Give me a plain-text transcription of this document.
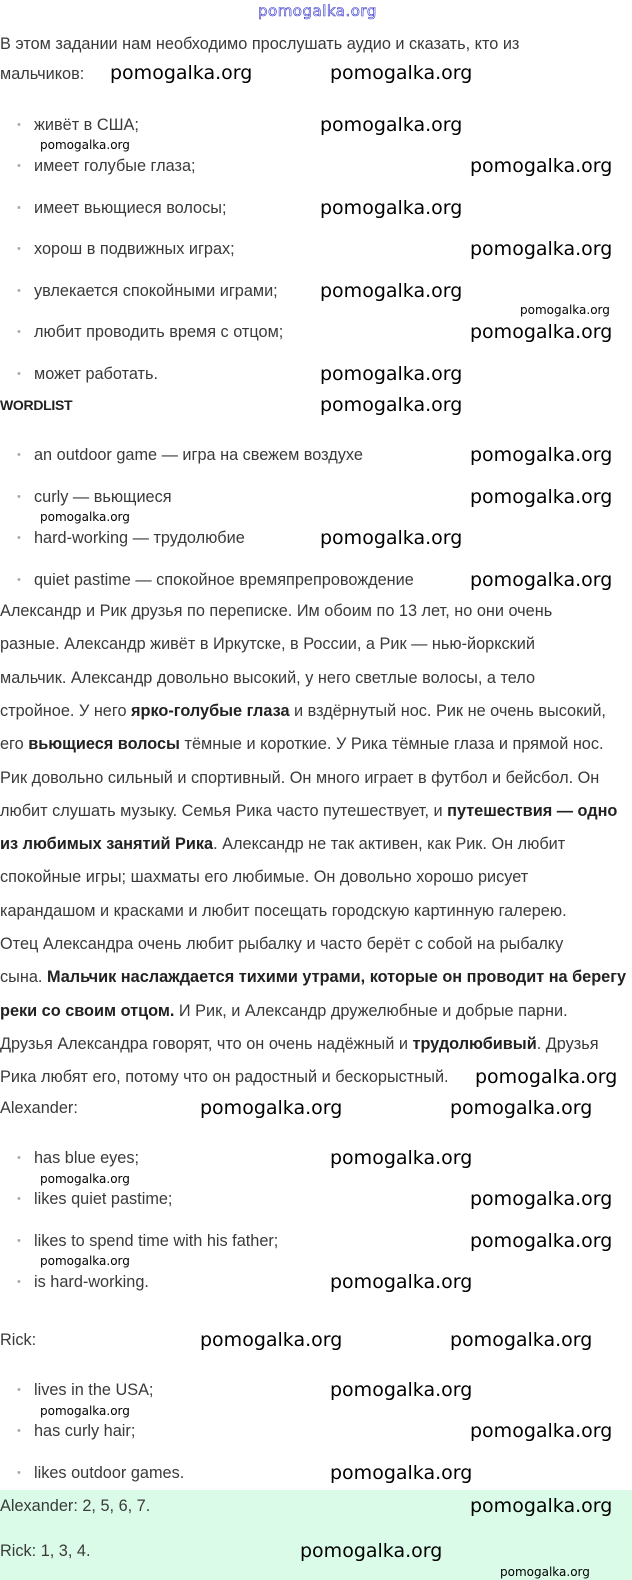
В этом задании нам необходимо прослушать аудио и сказать, кто из
мальчиков:
• живёт в США;
• имеет голубые глаза;
• имеет вьющиеся волосы;
• хорош в подвижных играх;
• увлекается спокойными играми;
• любит проводить время с отцом;
• может работать.
WORDLIST
• an outdoor game — игра на свежем воздухе
• curly — вьющиеся
• hard-working — трудолюбие
• quiet pastime — спокойное времяпрепровождение
Александр и Рик друзья по переписке. Им обоим по 13 лет, но они очень
разные. Александр живёт в Иркутске, в России, а Рик — нью-йоркский
мальчик. Александр довольно высокий, у него светлые волосы, а тело
стройное. У него ярко-голубые глаза и вздёрнутый нос. Рик не очень высокий,
его вьющиеся волосы тёмные и короткие. У Рика тёмные глаза и прямой нос.
Рик довольно сильный и спортивный. Он много играет в футбол и бейсбол. Он
любит слушать музыку. Семья Рика часто путешествует, и путешествия — одно
из любимых занятий Рика. Александр не так активен, как Рик. Он любит
спокойные игры; шахматы его любимые. Он довольно хорошо рисует
карандашом и красками и любит посещать городскую картинную галерею.
Отец Александра очень любит рыбалку и часто берёт с собой на рыбалку
сына. Мальчик наслаждается тихими утрами, которые он проводит на берегу
реки со своим отцом. И Рик, и Александр дружелюбные и добрые парни.
Друзья Александра говорят, что он очень надёжный и трудолюбивый. Друзья
Рика любят его, потому что он радостный и бескорыстный.
Alexander:
• has blue eyes;
• likes quiet pastime;
• likes to spend time with his father;
• is hard-working.
Rick:
• lives in the USA;
• has curly hair;
• likes outdoor games.
Alexander: 2, 5, 6, 7.
Rick: 1, 3, 4.
pomogalka.org
pomogalka.org	pomogalka.org
pomogalka.org
pomogalka.org
pomogalka.org
pomogalka.org
pomogalka.org
pomogalka.org
pomogalka.org
pomogalka.org
pomogalka.org
pomogalka.org
pomogalka.org
pomogalka.org
pomogalka.org
pomogalka.org
pomogalka.org
pomogalka.org
pomogalka.org	pomogalka.org
pomogalka.org
pomogalka.org
pomogalka.org
pomogalka.org
pomogalka.org
pomogalka.org
pomogalka.org	pomogalka.org
pomogalka.org
pomogalka.org
pomogalka.org
pomogalka.org
pomogalka.org
pomogalka.org
pomogalka.org
